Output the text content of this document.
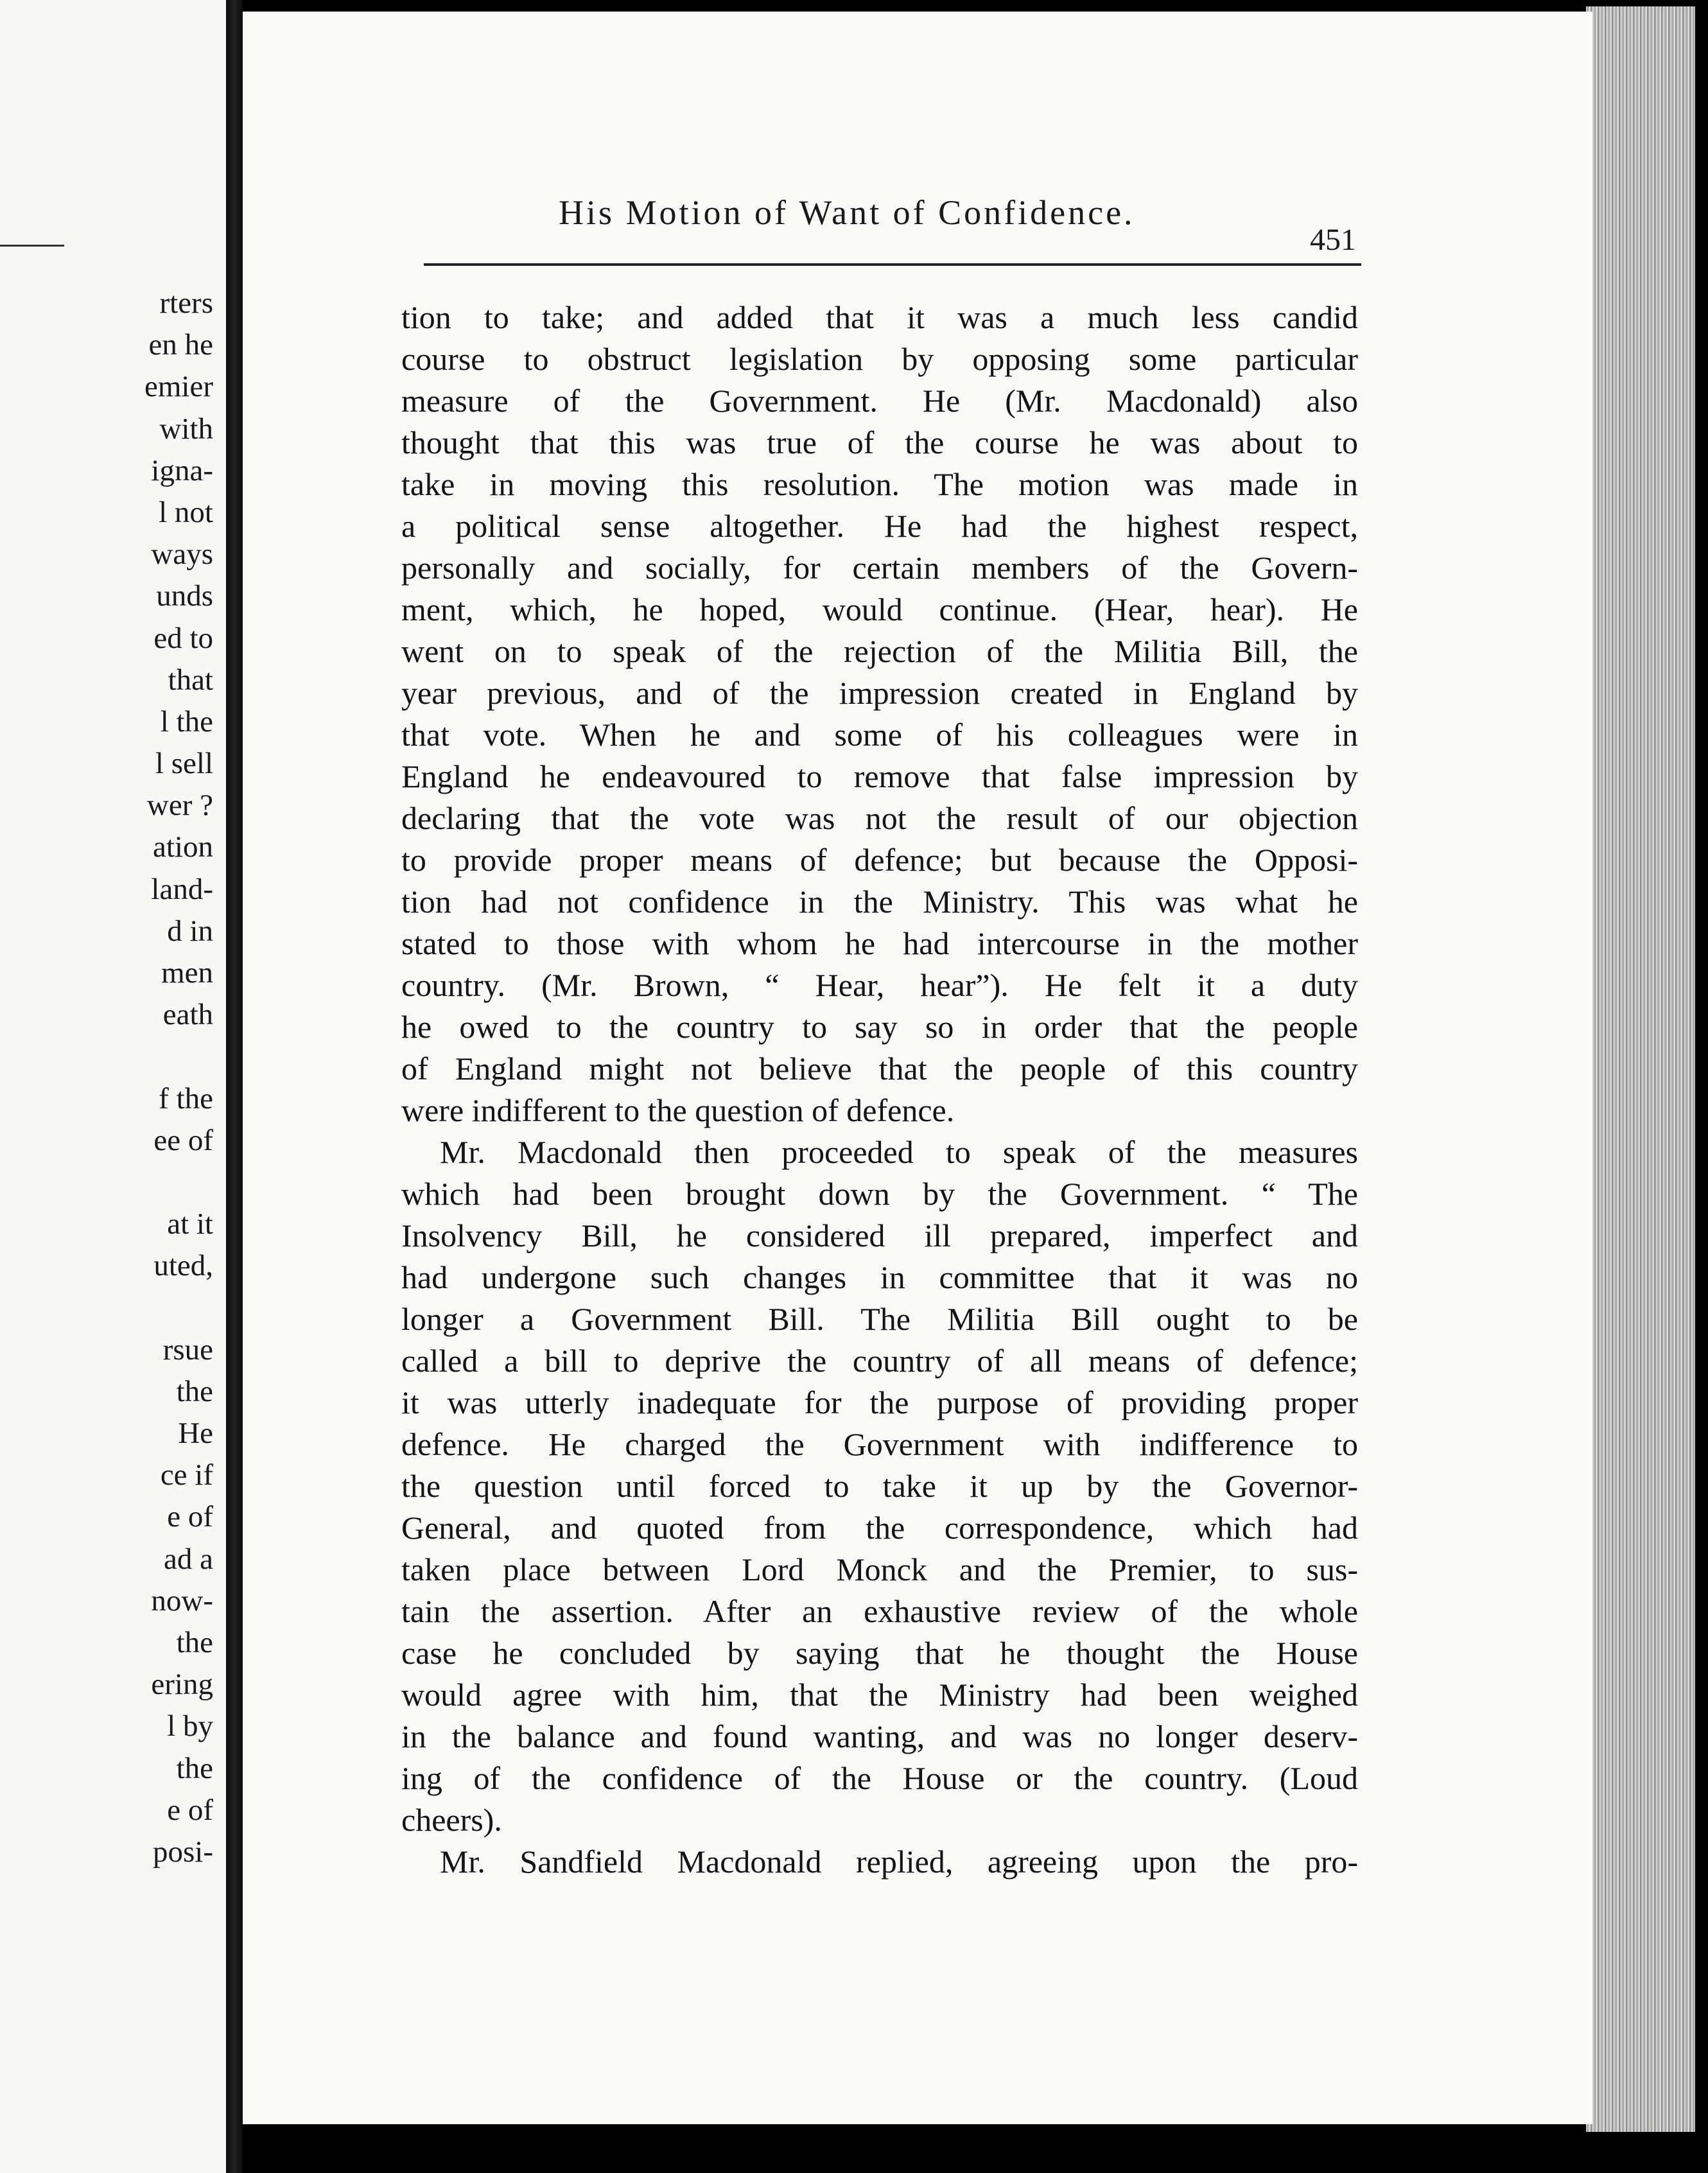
rters
en he
emier
with
igna-
l not
ways
unds
ed to
that
l the
l sell
wer ?
ation
land-
d in
men
eath
f the
ee of
at it
uted,
rsue
the
He
ce if
e of
ad a
now-
the
ering
l by
the
e of
posi-
His Motion of Want of Confidence.
451
tion to take; and added that it was a much less candid
course to obstruct legislation by opposing some particular
measure of the Government. He (Mr. Macdonald) also
thought that this was true of the course he was about to
take in moving this resolution. The motion was made in
a political sense altogether. He had the highest respect,
personally and socially, for certain members of the Govern-
ment, which, he hoped, would continue. (Hear, hear). He
went on to speak of the rejection of the Militia Bill, the
year previous, and of the impression created in England by
that vote. When he and some of his colleagues were in
England he endeavoured to remove that false impression by
declaring that the vote was not the result of our objection
to provide proper means of defence; but because the Opposi-
tion had not confidence in the Ministry. This was what he
stated to those with whom he had intercourse in the mother
country. (Mr. Brown, “ Hear, hear”). He felt it a duty
he owed to the country to say so in order that the people
of England might not believe that the people of this country
were indifferent to the question of defence.
Mr. Macdonald then proceeded to speak of the measures
which had been brought down by the Government. “ The
Insolvency Bill, he considered ill prepared, imperfect and
had undergone such changes in committee that it was no
longer a Government Bill. The Militia Bill ought to be
called a bill to deprive the country of all means of defence;
it was utterly inadequate for the purpose of providing proper
defence. He charged the Government with indifference to
the question until forced to take it up by the Governor-
General, and quoted from the correspondence, which had
taken place between Lord Monck and the Premier, to sus-
tain the assertion. After an exhaustive review of the whole
case he concluded by saying that he thought the House
would agree with him, that the Ministry had been weighed
in the balance and found wanting, and was no longer deserv-
ing of the confidence of the House or the country. (Loud
cheers).
Mr. Sandfield Macdonald replied, agreeing upon the pro-
